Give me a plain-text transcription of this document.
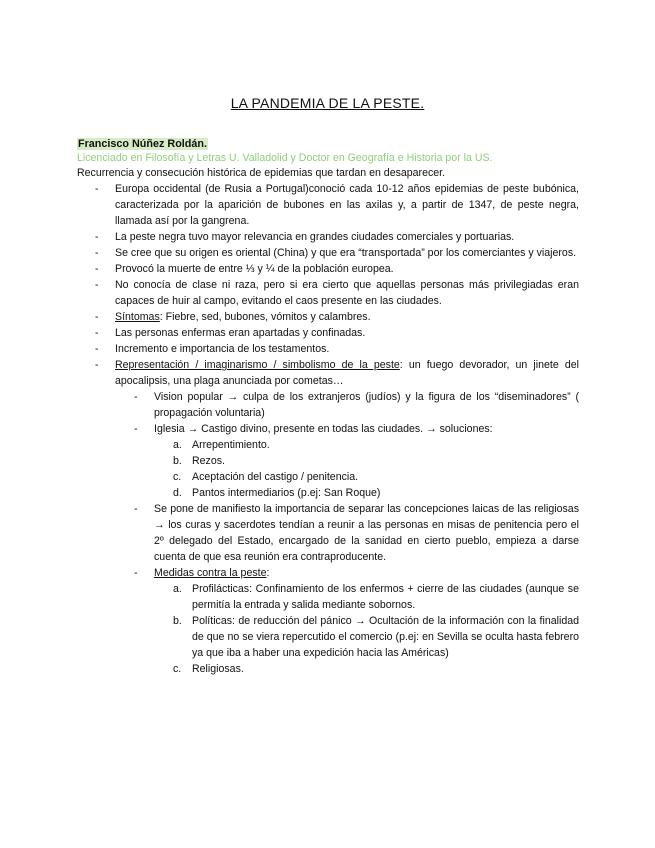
LA PANDEMIA DE LA PESTE.
Francisco Núñez Roldán.
Licenciado en Filosofía y Letras U. Valladolid y Doctor en Geografía e Historia por la US.
Recurrencia y consecución histórica de epidemias que tardan en desaparecer.
- Europa occidental (de Rusia a Portugal)conoció cada 10-12 años epidemias de peste bubónica, caracterizada por la aparición de bubones en las axilas y, a partir de 1347, de peste negra, llamada así por la gangrena.
- La peste negra tuvo mayor relevancia en grandes ciudades comerciales y portuarias.
- Se cree que su origen es oriental (China) y que era “transportada” por los comerciantes y viajeros.
- Provocó la muerte de entre ⅓ y ¼ de la población europea.
- No conocía de clase ni raza, pero si era cierto que aquellas personas más privilegiadas eran capaces de huir al campo, evitando el caos presente en las ciudades.
- Síntomas: Fiebre, sed, bubones, vómitos y calambres.
- Las personas enfermas eran apartadas y confinadas.
- Incremento e importancia de los testamentos.
- Representación / imaginarismo / simbolismo de la peste: un fuego devorador, un jinete del apocalipsis, una plaga anunciada por cometas…
- Vision popular → culpa de los extranjeros (judíos) y la figura de los “diseminadores” ( propagación voluntaria)
- Iglesia → Castigo divino, presente en todas las ciudades. → soluciones:
a. Arrepentimiento.
b. Rezos.
c. Aceptación del castigo / penitencia.
d. Pantos intermediarios (p.ej: San Roque)
- Se pone de manifiesto la importancia de separar las concepciones laicas de las religiosas → los curas y sacerdotes tendían a reunir a las personas en misas de penitencia pero el 2º delegado del Estado, encargado de la sanidad en cierto pueblo, empieza a darse cuenta de que esa reunión era contraproducente.
- Medidas contra la peste:
a. Profilácticas: Confinamiento de los enfermos + cierre de las ciudades (aunque se permitía la entrada y salida mediante sobornos.
b. Políticas: de reducción del pánico → Ocultación de la información con la finalidad de que no se viera repercutido el comercio (p.ej: en Sevilla se oculta hasta febrero ya que iba a haber una expedición hacia las Américas)
c. Religiosas.
